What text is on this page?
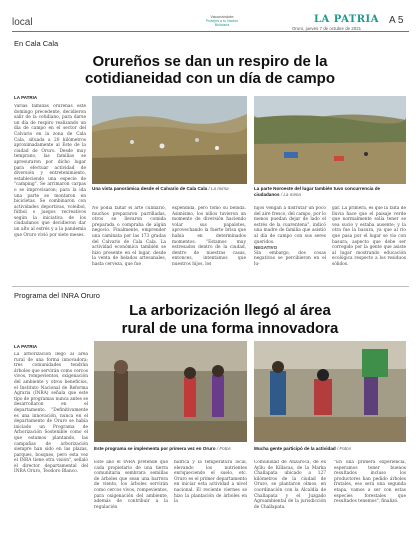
local
Vacunándote
Protejes a tu Nación Boliviana	LA PATRIA
Oruro, jueves 7 de octubre de 2021
A 5
En Cala Cala
Orureños se dan un respiro de la
cotidianeidad con un día de campo
LA PATRIA
Varias familias orureñas este domingo precedente, decidieron salir de la cotidiano, para darse un día de respiro realizando un día de campo en el sector del Calvario en la zona de Cala Cala, situada a 20 kilómetros aproximadamente al Este de la ciudad de Oruro. Desde muy temprano, las familias se apresuraron por dicho lugar para efectuar actividad de diversión y entretenimiento, estableciendo una especie de "camping". Se arrimaron carpas o se improvisaron; para la ida una parte se montaron en bicicletas. Se combinaron con actividades deportivas, voleibol, fútbol o juegos recreativos según la iniciativa de los ciudadanos que decidieron dar un alto al estrés y a la pandemia que Oruro vivió por siete meses.
Una vista panorámica desde el Calvario de Cala Cala / La mima	La parte Noroeste del lugar también tuvo concurrencia de ciudadanos / La mima
No podía faltar el arte culinario, muchos prepararon parrilladas, otros se llevaron comida preparada o compraba de algún negocio. Finalmente, emprender una caminata por las 173 gradas del Calvario de Cala Cala. La actividad económica también se hizo presente en el lugar, desde la venta de helados artesanales, hasta cerveza, que fue
expendida, pero tomo su bebida. Asimismo, los niños tuvieron un momento de diversión haciendo volar sus papalotes, aprovechando la fuerte brisa que había en determinados momentos. "Estamos muy estresados dentro de la ciudad, dentro de nuestras casas, entonces, intentamos que nuestros hijos, los

hijos vengan a disfrutar un poco del aire fresco, del campo, por lo menos puedan dejar de lado el estrés de la cuarentena", indicó una madre de familia que asistió al día de campo con sus seres queridos.

NEGATIVO

Sin embargo, dos cosas negativas se percibieron en el lu-

gar. La primera, es que la falta de lluvia hace que el paisaje verde que normalmente solía tener se vea sucio y estaba ausente; y la otra fue la basura, ya que al río que pasa por el lugar se vio con basura, aspecto que debe ser corregido por la gente que asiste al lugar mostrando educación ecológica respecto a los residuos sólidos.
Programa del INRA Oruro
La arborización llegó al área
rural de una forma innovadora
LA PATRIA
La arborización llegó al área rural de una forma innovadora; tres comunidades tendrán árboles que servirán como cercos vivos, rompevientos, oxigenación del ambiente y otros beneficios, el Instituto Nacional de Reforma Agraria (INRA) señala que este tipo de programas nunca antes se desarrollaron en el departamento. "Definitivamente es una innovación, nunca en el departamento de Oruro se había iniciado un Programa de Arborización Sostenible como el que estamos plantando, las campañas de arborización siempre han sido en las plazas, parques, bosques, pero esta vez el INRA tiene otra visión", señaló el director departamental del INRA Oruro, Teodoro Blanco.
Este programa se implementa por primera vez en Oruro / Fotos	Mucha gente participó de la actividad / Fotos
Este año el INRA pretende que cada propietario de una tierra comunitaria sembrara semillas de árboles que sean una barrera de viento, los árboles servirán como cercos vivos, rompevientos, para oxigenación del ambiente, además de contribuir a la regulación
hídrica y la temperatura local, elevando los nutrientes enriqueciendo el suelo, etc. Oruro es el primer departamento en iniciar esta actividad a nivel nacional. El reciente viernes se hizo la plantación de árboles en la
Comunidad de Anzaroca, de ex Ayllu de Killacas, de la Marka Challapata ubicado a 127 kilómetros de la ciudad de Oruro, se plantaron olmos, en coordinación con la Alcaldía de Challapata y el Juzgado Agroambiental de la jurisdicción de Challapata.
"En una primera experiencia, esperamos tener buenos resultados incluso los productores han pedido árboles frutales, eso será una segunda etapa, vamos a ser con estas especies forestales que resultados tenemos", finalizó.
